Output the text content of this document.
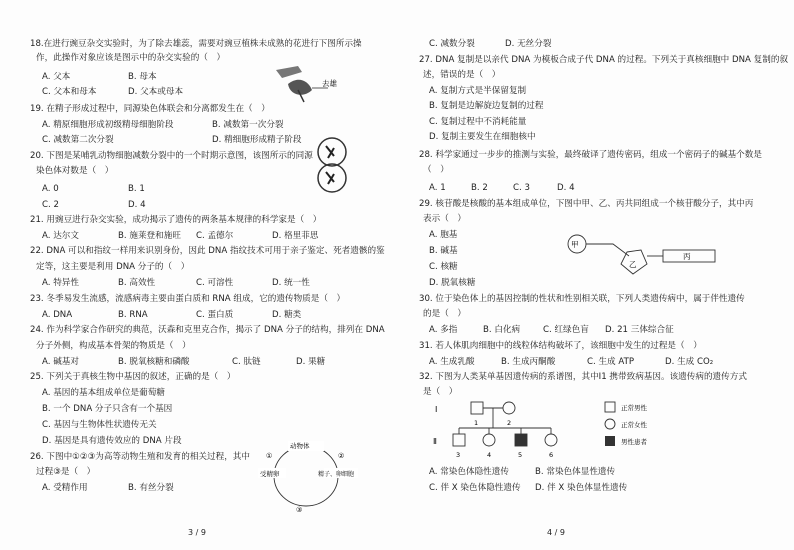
18.在进行豌豆杂交实验时，为了除去雄蕊，需要对豌豆植株未成熟的花进行下图所示操
作，此操作对象应该是图示中的杂交实验的（　）
A. 父本	B. 母本
C. 父本和母本	D. 父本或母本
去雄
19. 在精子形成过程中，同源染色体联会和分离都发生在（　）
A. 精原细胞形成初级精母细胞阶段	B. 减数第一次分裂
C. 减数第二次分裂	D. 精细胞形成精子阶段
20. 下图是某哺乳动物细胞减数分裂中的一个时期示意图，该图所示的同源
染色体对数是（　）
A. 0	B. 1
C. 2	D. 4
21. 用豌豆进行杂交实验，成功揭示了遗传的两条基本规律的科学家是（　）
A. 达尔文	B. 施莱登和施旺 C. 孟德尔	D. 格里菲思
22. DNA 可以和指纹一样用来识别身份，因此 DNA 指纹技术可用于亲子鉴定、死者遗骸的鉴
定等，这主要是利用 DNA 分子的（　）
A. 特异性	B. 高效性	C. 可溶性	D. 统一性
23. 冬季易发生流感，流感病毒主要由蛋白质和 RNA 组成，它的遗传物质是（　）
A. DNA	B. RNA	C. 蛋白质	D. 糖类
24. 作为科学家合作研究的典范，沃森和克里克合作，揭示了 DNA 分子的结构，排列在 DNA
分子外侧，构成基本骨架的物质是（　）
A. 碱基对	B. 脱氧核糖和磷酸	C. 肽链	D. 果糖
25. 下列关于真核生物中基因的叙述，正确的是（　）
A. 基因的基本组成单位是葡萄糖
B. 一个 DNA 分子只含有一个基因
C. 基因与生物体性状遗传无关
D. 基因是具有遗传效应的 DNA 片段
26. 下图中①②③为高等动物生殖和发育的相关过程，其中
过程③是（　）
A. 受精作用	B. 有丝分裂
动物体
受精卵	精子、卵细胞
①	②
③
3 / 9
C. 减数分裂	D. 无丝分裂
27. DNA 复制是以亲代 DNA 为模板合成子代 DNA 的过程。下列关于真核细胞中 DNA 复制的叙
述，错误的是（　）
A. 复制方式是半保留复制
B. 复制是边解旋边复制的过程
C. 复制过程中不消耗能量
D. 复制主要发生在细胞核中
28. 科学家通过一步步的推测与实验，最终破译了遗传密码，组成一个密码子的碱基个数是
（　）
A. 1	B. 2	C. 3	D. 4
29. 核苷酸是核酸的基本组成单位，下图中甲、乙、丙共同组成一个核苷酸分子，其中丙
表示（　）
A. 胞基
B. 碱基
C. 核糖
D. 脱氧核糖
甲
乙
丙
30. 位于染色体上的基因控制的性状和性别相关联，下列人类遗传病中，属于伴性遗传
的是（　）
A. 多指	B. 白化病	C. 红绿色盲 D. 21 三体综合征
31. 若人体肌肉细胞中的线粒体结构破坏了，该细胞中发生的过程是（　）
A. 生成乳酸	B. 生成丙酮酸	C. 生成 ATP	D. 生成 CO₂
32. 下图为人类某单基因遗传病的系谱图，其中Ⅰ1 携带致病基因。该遗传病的遗传方式
是（　）
Ⅰ
Ⅱ
1	2
3	4	5	6
正常男性
正常女性
男性患者
A. 常染色体隐性遗传	B. 常染色体显性遗传
C. 伴 X 染色体隐性遗传 D. 伴 X 染色体显性遗传
4 / 9
